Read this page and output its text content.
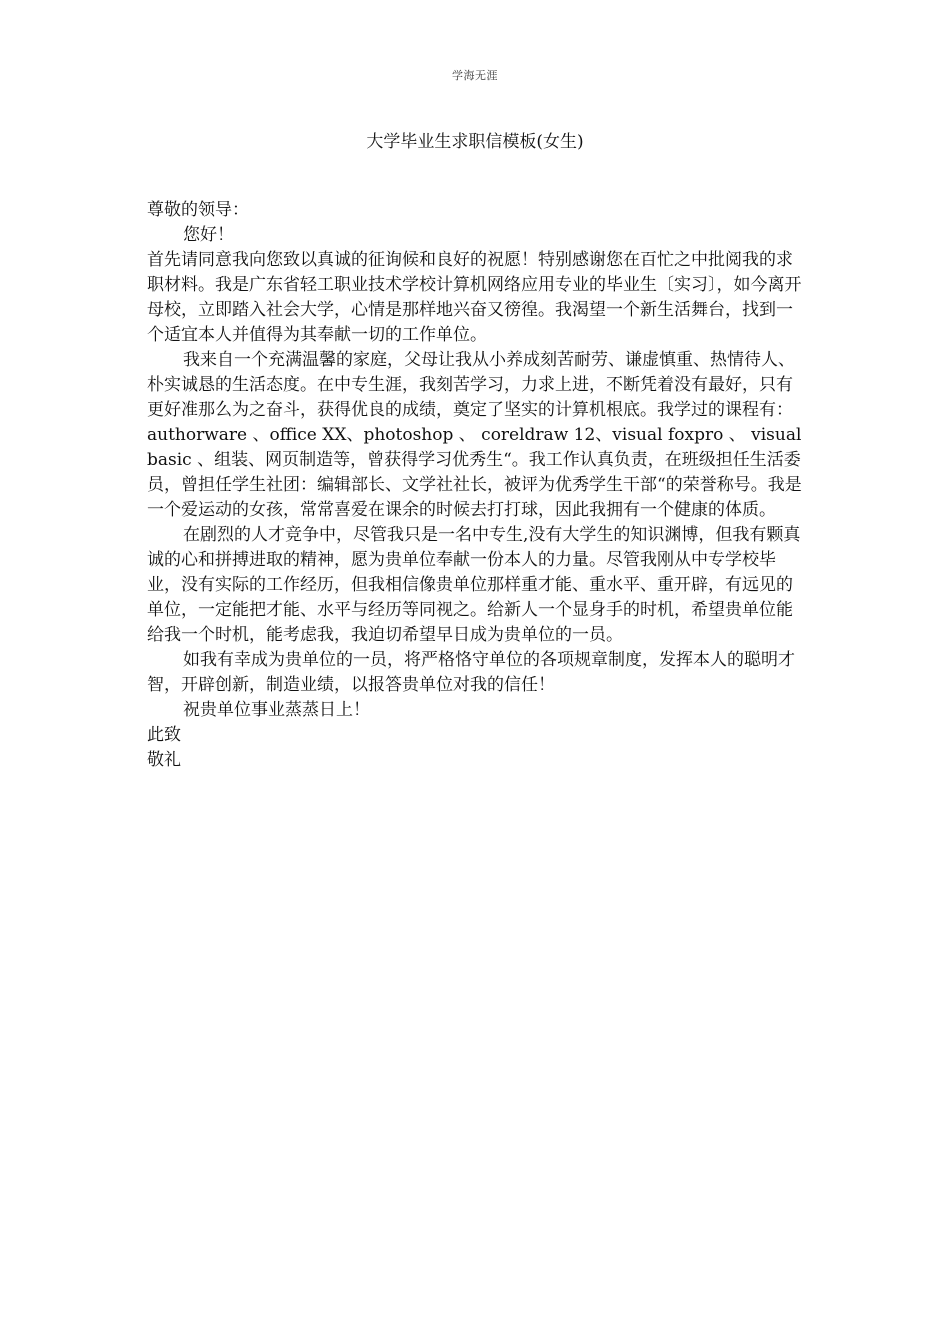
学海无涯
大学毕业生求职信模板(女生)

尊敬的领导：

您好！

首先请同意我向您致以真诚的征询候和良好的祝愿！特别感谢您在百忙之中批阅我的求职材料。我是广东省轻工职业技术学校计算机网络应用专业的毕业生〔实习〕，如今离开母校，立即踏入社会大学，心情是那样地兴奋又徬徨。我渴望一个新生活舞台，找到一个适宜本人并值得为其奉献一切的工作单位。

我来自一个充满温馨的家庭，父母让我从小养成刻苦耐劳、谦虚慎重、热情待人、朴实诚恳的生活态度。在中专生涯，我刻苦学习，力求上进，不断凭着没有最好，只有更好准那么为之奋斗，获得优良的成绩，奠定了坚实的计算机根底。我学过的课程有：authorware 、office XX、photoshop 、 coreldraw 12、visual foxpro 、 visual basic 、组装、网页制造等，曾获得学习优秀生“。我工作认真负责，在班级担任生活委员，曾担任学生社团：编辑部长、文学社社长，被评为优秀学生干部“的荣誉称号。我是一个爱运动的女孩，常常喜爱在课余的时候去打打球，因此我拥有一个健康的体质。

在剧烈的人才竞争中，尽管我只是一名中专生,没有大学生的知识渊博，但我有颗真诚的心和拼搏进取的精神，愿为贵单位奉献一份本人的力量。尽管我刚从中专学校毕业，没有实际的工作经历，但我相信像贵单位那样重才能、重水平、重开辟，有远见的单位，一定能把才能、水平与经历等同视之。给新人一个显身手的时机，希望贵单位能给我一个时机，能考虑我，我迫切希望早日成为贵单位的一员。

如我有幸成为贵单位的一员，将严格恪守单位的各项规章制度，发挥本人的聪明才智，开辟创新，制造业绩，以报答贵单位对我的信任！

祝贵单位事业蒸蒸日上！

此致

敬礼
